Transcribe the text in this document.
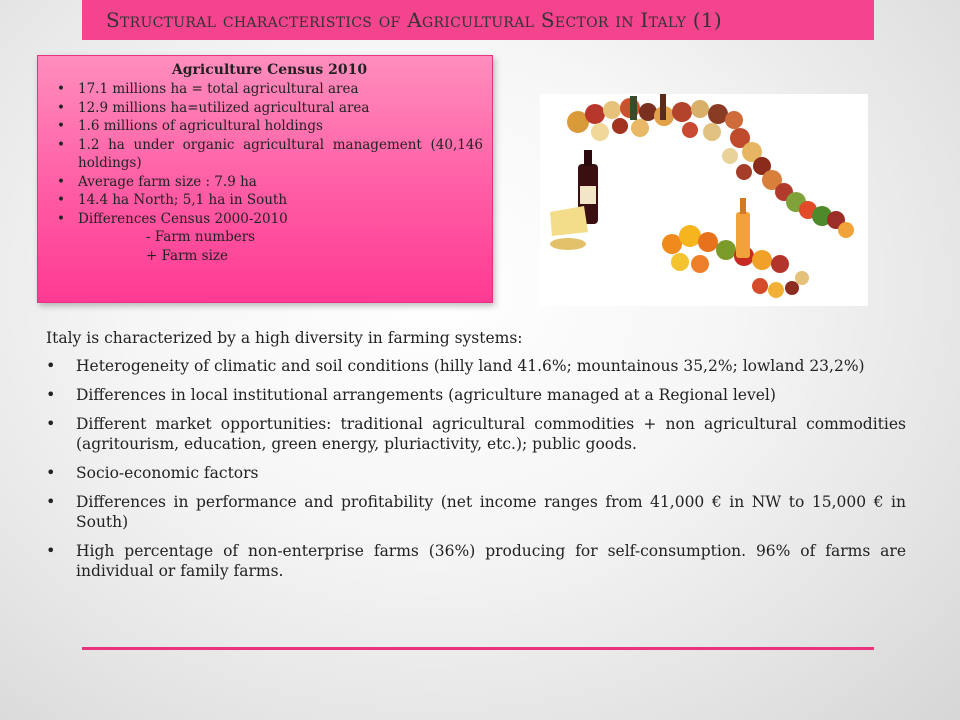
Structural characteristics of Agricultural Sector in Italy (1)
Agriculture Census 2010
• 17.1 millions ha = total agricultural area
• 12.9 millions ha=utilized agricultural area
• 1.6 millions of agricultural holdings
• 1.2 ha under organic agricultural management (40,146 holdings)
• Average farm size : 7.9 ha
• 14.4 ha North; 5,1 ha in South
• Differences Census 2000-2010
- Farm numbers
+ Farm size

Italy is characterized by a high diversity in farming systems:

• Heterogeneity of climatic and soil conditions (hilly land 41.6%; mountainous 35,2%; lowland 23,2%)
• Differences in local institutional arrangements (agriculture managed at a Regional level)
• Different market opportunities: traditional agricultural commodities + non agricultural commodities (agritourism, education, green energy, pluriactivity, etc.); public goods.
• Socio-economic factors
• Differences in performance and profitability (net income ranges from 41,000 € in NW to 15,000 € in South)
• High percentage of non-enterprise farms (36%) producing for self-consumption. 96% of farms are individual or family farms.
